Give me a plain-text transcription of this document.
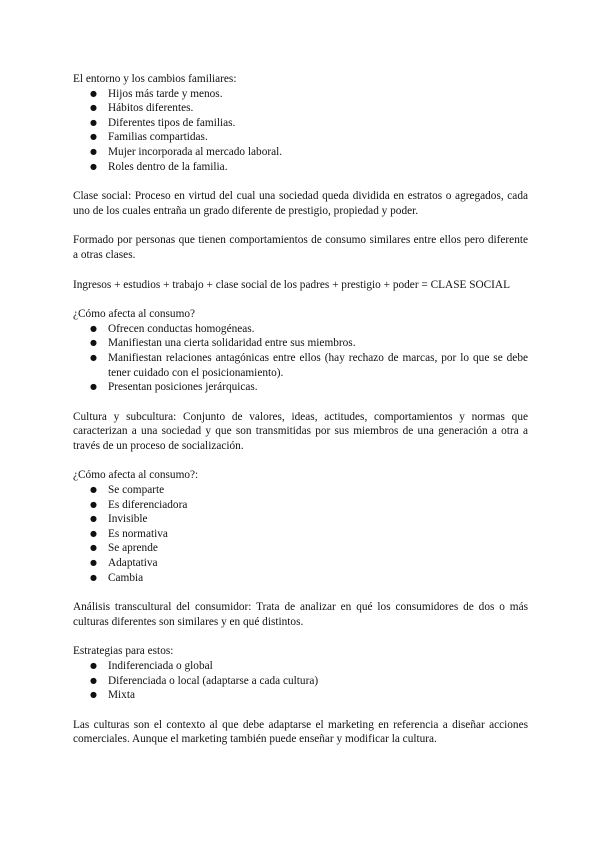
El entorno y los cambios familiares:

● Hijos más tarde y menos.
● Hábitos diferentes.
● Diferentes tipos de familias.
● Familias compartidas.
● Mujer incorporada al mercado laboral.
● Roles dentro de la familia.

Clase social: Proceso en virtud del cual una sociedad queda dividida en estratos o agregados, cada uno de los cuales entraña un grado diferente de prestigio, propiedad y poder.

Formado por personas que tienen comportamientos de consumo similares entre ellos pero diferente a otras clases.

Ingresos + estudios + trabajo + clase social de los padres + prestigio + poder = CLASE SOCIAL

¿Cómo afecta al consumo?

● Ofrecen conductas homogéneas.
● Manifiestan una cierta solidaridad entre sus miembros.
● Manifiestan relaciones antagónicas entre ellos (hay rechazo de marcas, por lo que se debe tener cuidado con el posicionamiento).
● Presentan posiciones jerárquicas.

Cultura y subcultura: Conjunto de valores, ideas, actitudes, comportamientos y normas que caracterizan a una sociedad y que son transmitidas por sus miembros de una generación a otra a través de un proceso de socialización.

¿Cómo afecta al consumo?:

● Se comparte
● Es diferenciadora
● Invisible
● Es normativa
● Se aprende
● Adaptativa
● Cambia

Análisis transcultural del consumidor: Trata de analizar en qué los consumidores de dos o más culturas diferentes son similares y en qué distintos.

Estrategias para estos:

● Indiferenciada o global
● Diferenciada o local (adaptarse a cada cultura)
● Mixta

Las culturas son el contexto al que debe adaptarse el marketing en referencia a diseñar acciones comerciales. Aunque el marketing también puede enseñar y modificar la cultura.
